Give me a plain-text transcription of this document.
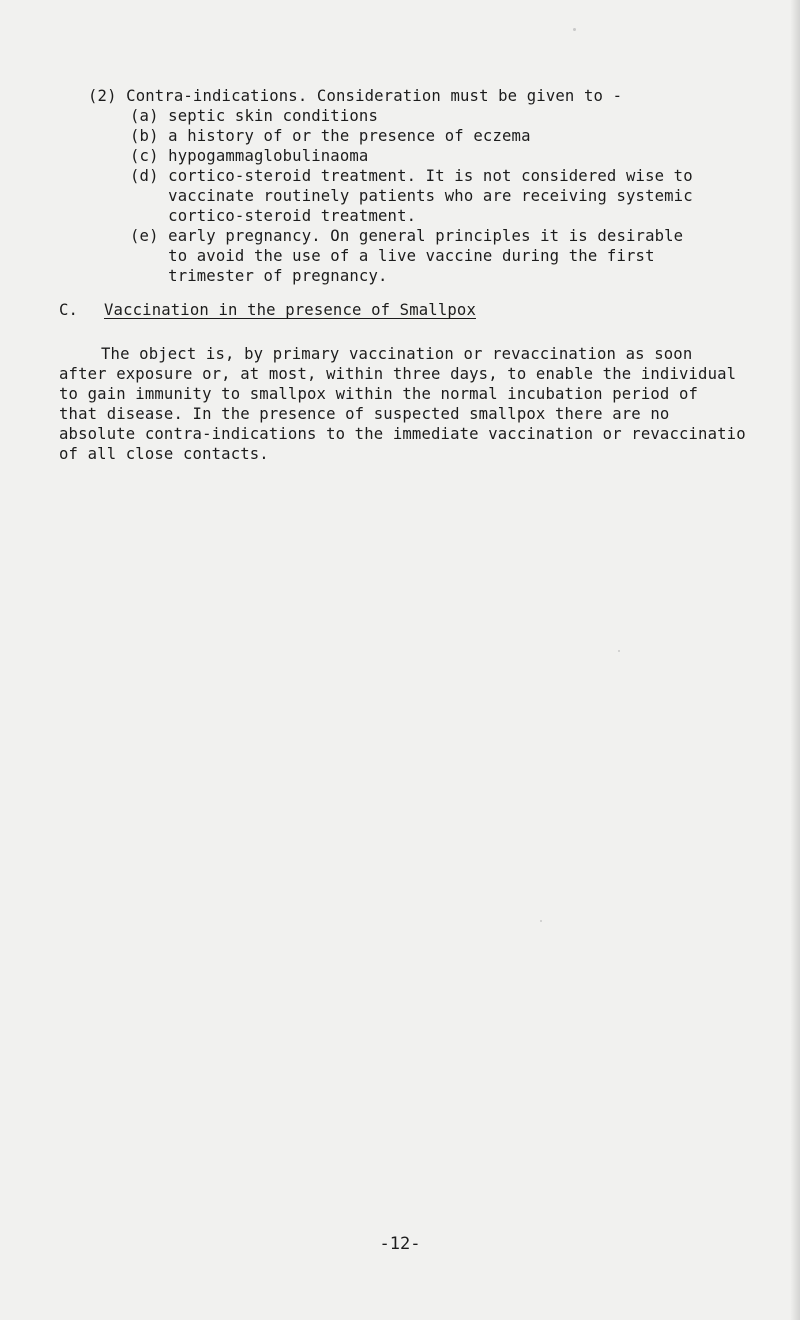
(2) Contra-indications. Consideration must be given to -
(a) septic skin conditions
(b) a history of or the presence of eczema
(c) hypogammaglobulinaoma
(d) cortico-steroid treatment. It is not considered wise to
vaccinate routinely patients who are receiving systemic
cortico-steroid treatment.
(e) early pregnancy. On general principles it is desirable
to avoid the use of a live vaccine during the first
trimester of pregnancy.
C. Vaccination in the presence of Smallpox
The object is, by primary vaccination or revaccination as soon
after exposure or, at most, within three days, to enable the individual
to gain immunity to smallpox within the normal incubation period of
that disease. In the presence of suspected smallpox there are no
absolute contra-indications to the immediate vaccination or revaccinatio
of all close contacts.
-12-
